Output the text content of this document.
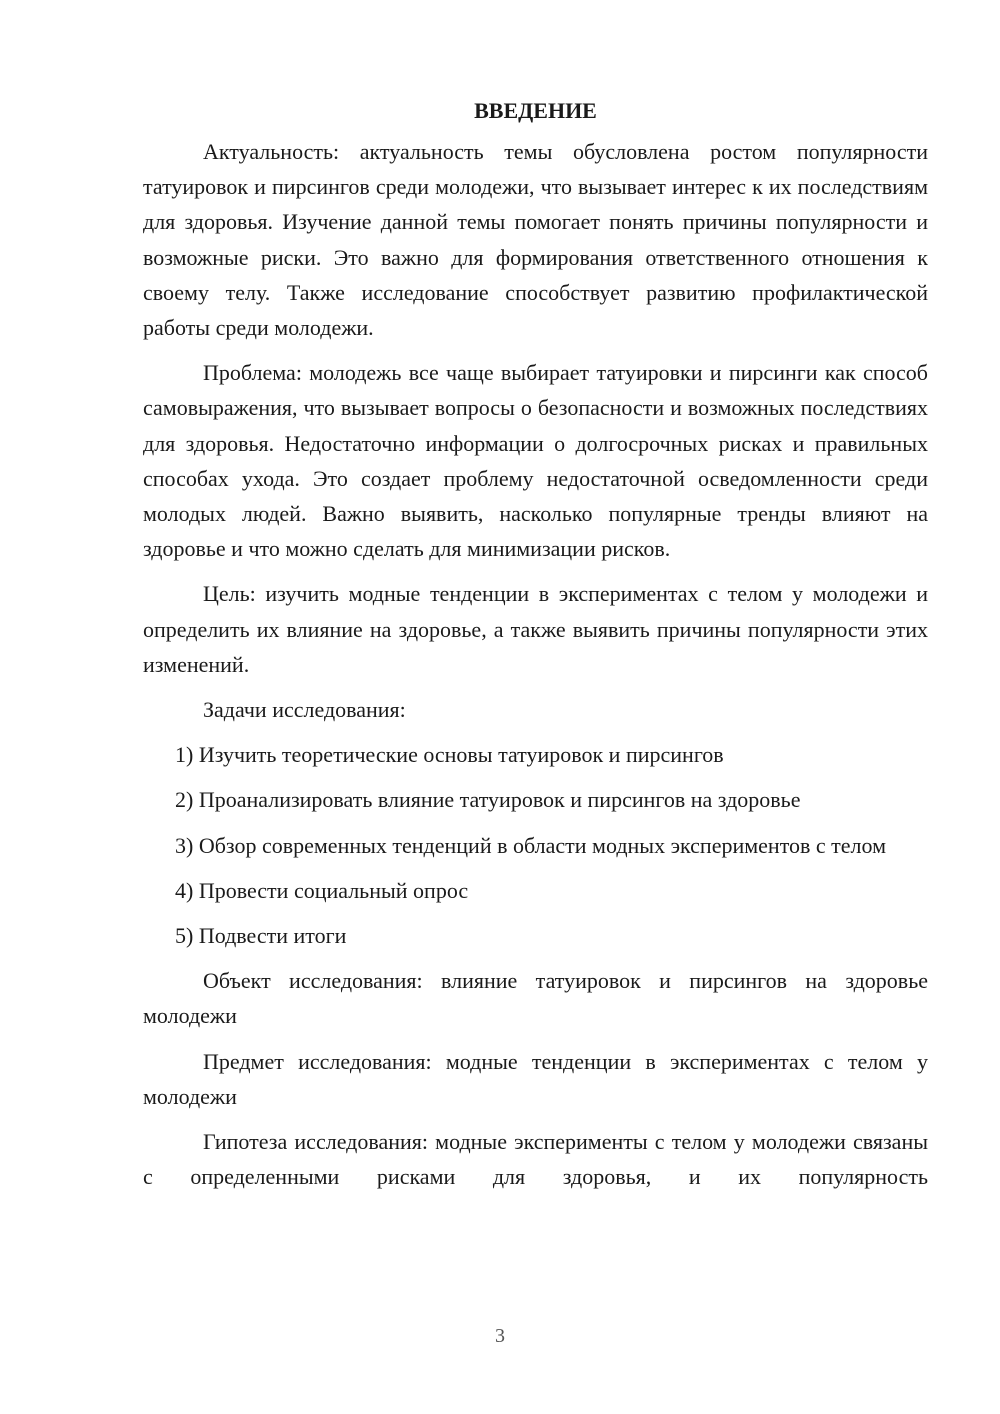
ВВЕДЕНИЕ

Актуальность: актуальность темы обусловлена ростом популярности татуировок и пирсингов среди молодежи, что вызывает интерес к их последствиям для здоровья. Изучение данной темы помогает понять причины популярности и возможные риски. Это важно для формирования ответственного отношения к своему телу. Также исследование способствует развитию профилактической работы среди молодежи.

Проблема: молодежь все чаще выбирает татуировки и пирсинги как способ самовыражения, что вызывает вопросы о безопасности и возможных последствиях для здоровья. Недостаточно информации о долгосрочных рисках и правильных способах ухода. Это создает проблему недостаточной осведомленности среди молодых людей. Важно выявить, насколько популярные тренды влияют на здоровье и что можно сделать для минимизации рисков.

Цель: изучить модные тенденции в экспериментах с телом у молодежи и определить их влияние на здоровье, а также выявить причины популярности этих изменений.

Задачи исследования:

1) Изучить теоретические основы татуировок и пирсингов

2) Проанализировать влияние татуировок и пирсингов на здоровье

3) Обзор современных тенденций в области модных экспериментов с телом

4) Провести социальный опрос

5) Подвести итоги

Объект исследования: влияние татуировок и пирсингов на здоровье молодежи

Предмет исследования: модные тенденции в экспериментах с телом у молодежи

Гипотеза исследования: модные эксперименты с телом у молодежи связаны с определенными рисками для здоровья, и их популярность

3
